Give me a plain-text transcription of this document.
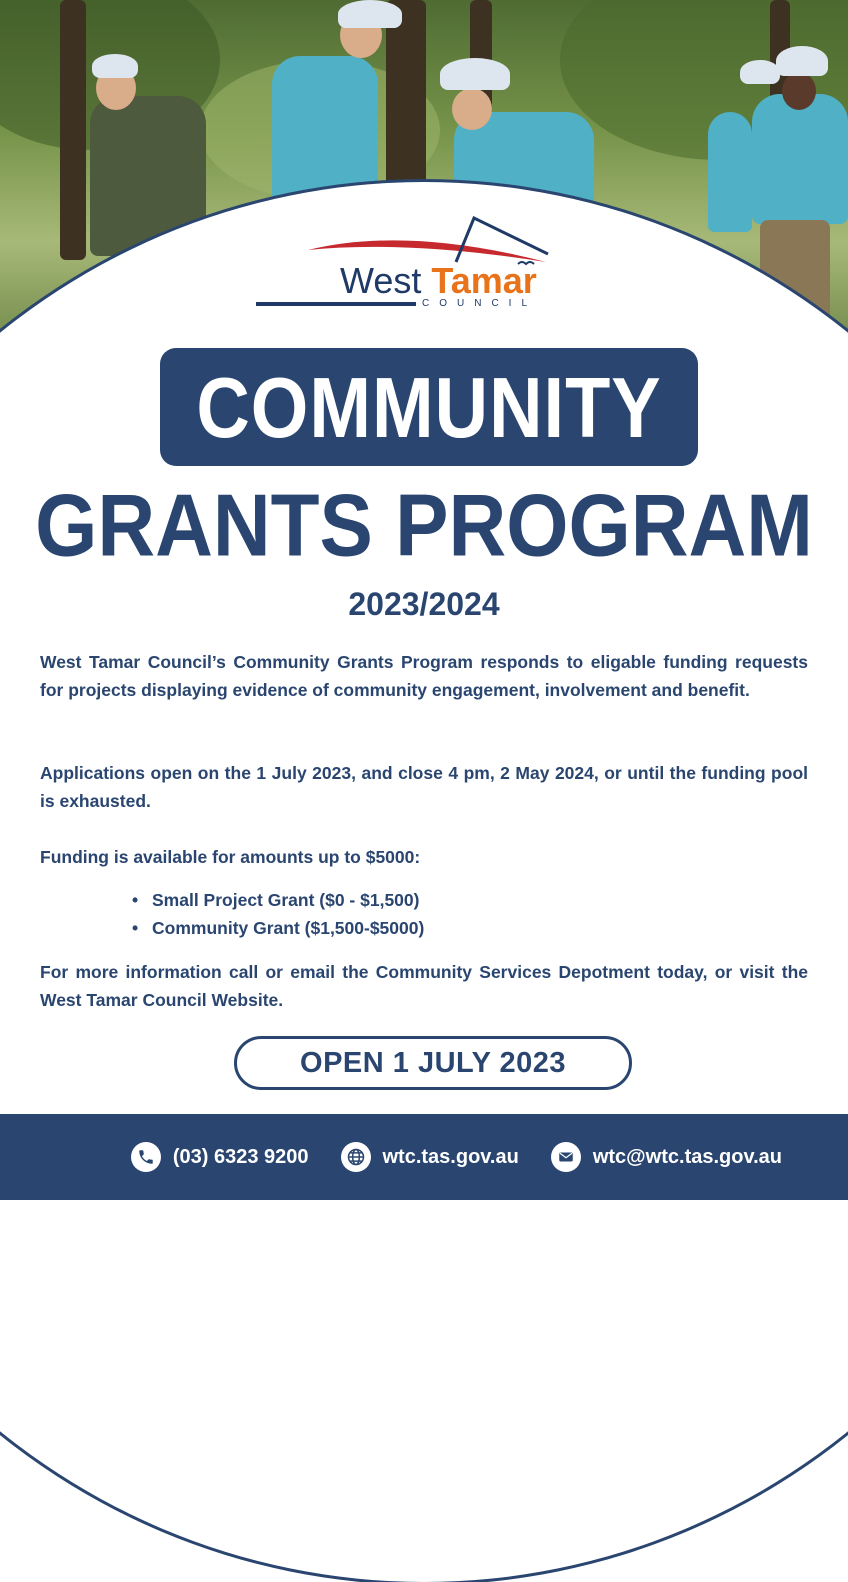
West Tamar
COUNCIL
COMMUNITY
GRANTS PROGRAM
2023/2024

West Tamar Council’s Community Grants Program responds to eligable funding requests for projects displaying evidence of community engagement, involvement and benefit.

Applications open on the 1 July 2023, and close 4 pm, 2 May 2024, or until the funding pool is exhausted.

Funding is available for amounts up to $5000:

• Small Project Grant ($0 - $1,500)
• Community Grant ($1,500-$5000)

For more information call or email the Community Services Depotment today, or visit the West Tamar Council Website.

OPEN 1 JULY 2023
(03) 6323 9200	wtc.tas.gov.au	wtc@wtc.tas.gov.au
